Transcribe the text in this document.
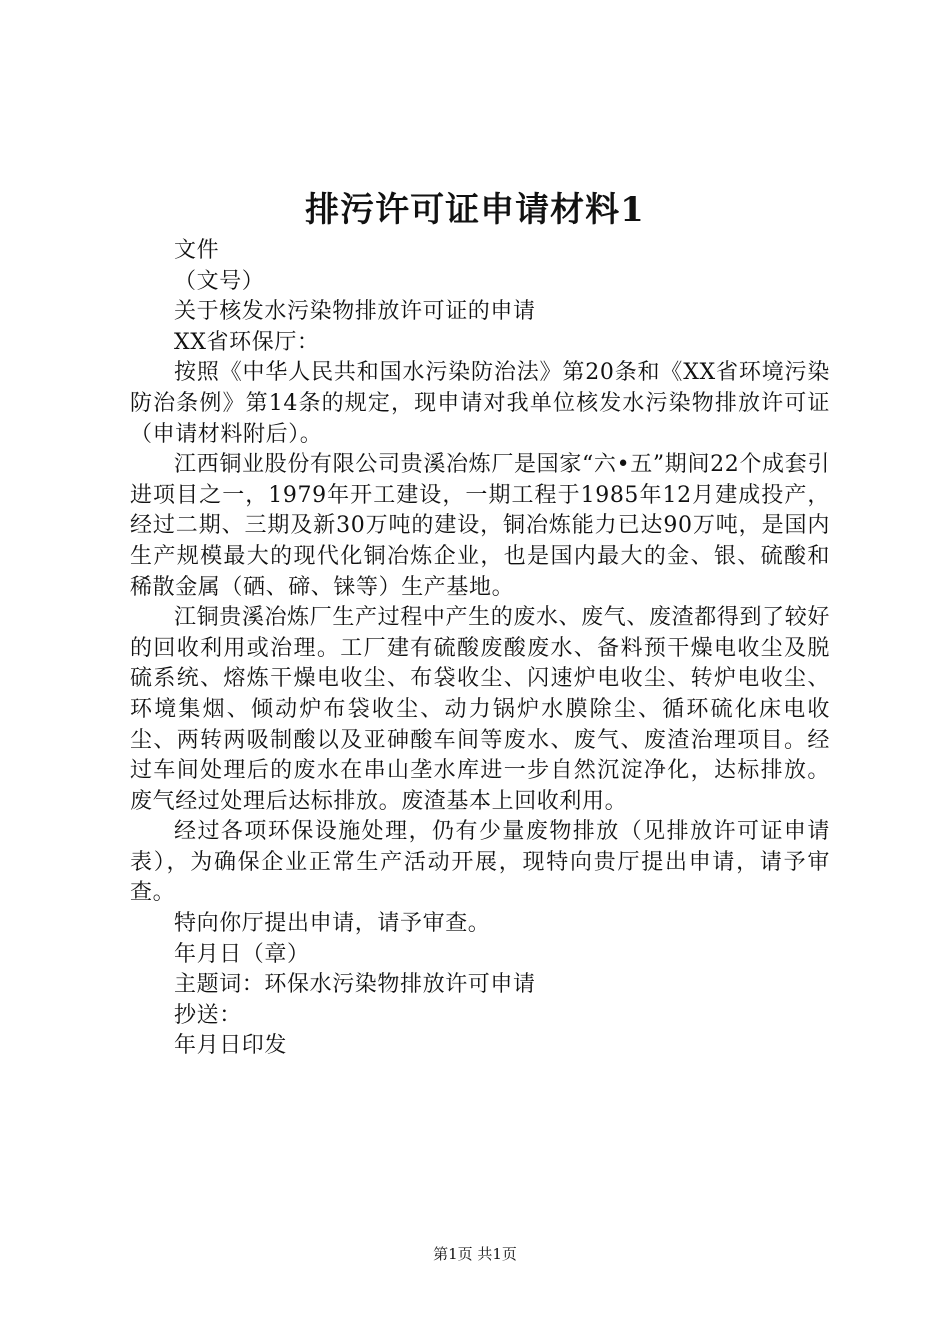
排污许可证申请材料1

文件

（文号）

关于核发水污染物排放许可证的申请

XX省环保厅：

按照《中华人民共和国水污染防治法》第20条和《XX省环境污染防治条例》第14条的规定，现申请对我单位核发水污染物排放许可证（申请材料附后）。

江西铜业股份有限公司贵溪冶炼厂是国家“六•五”期间22个成套引进项目之一，1979年开工建设，一期工程于1985年12月建成投产，经过二期、三期及新30万吨的建设，铜冶炼能力已达90万吨，是国内生产规模最大的现代化铜冶炼企业，也是国内最大的金、银、硫酸和稀散金属（硒、碲、铼等）生产基地。

江铜贵溪冶炼厂生产过程中产生的废水、废气、废渣都得到了较好的回收利用或治理。工厂建有硫酸废酸废水、备料预干燥电收尘及脱硫系统、熔炼干燥电收尘、布袋收尘、闪速炉电收尘、转炉电收尘、环境集烟、倾动炉布袋收尘、动力锅炉水膜除尘、循环硫化床电收尘、两转两吸制酸以及亚砷酸车间等废水、废气、废渣治理项目。经过车间处理后的废水在串山垄水库进一步自然沉淀净化，达标排放。废气经过处理后达标排放。废渣基本上回收利用。

经过各项环保设施处理，仍有少量废物排放（见排放许可证申请表），为确保企业正常生产活动开展，现特向贵厅提出申请，请予审查。

特向你厅提出申请，请予审查。

年月日（章）

主题词：环保水污染物排放许可申请

抄送：

年月日印发

第1页 共1页
